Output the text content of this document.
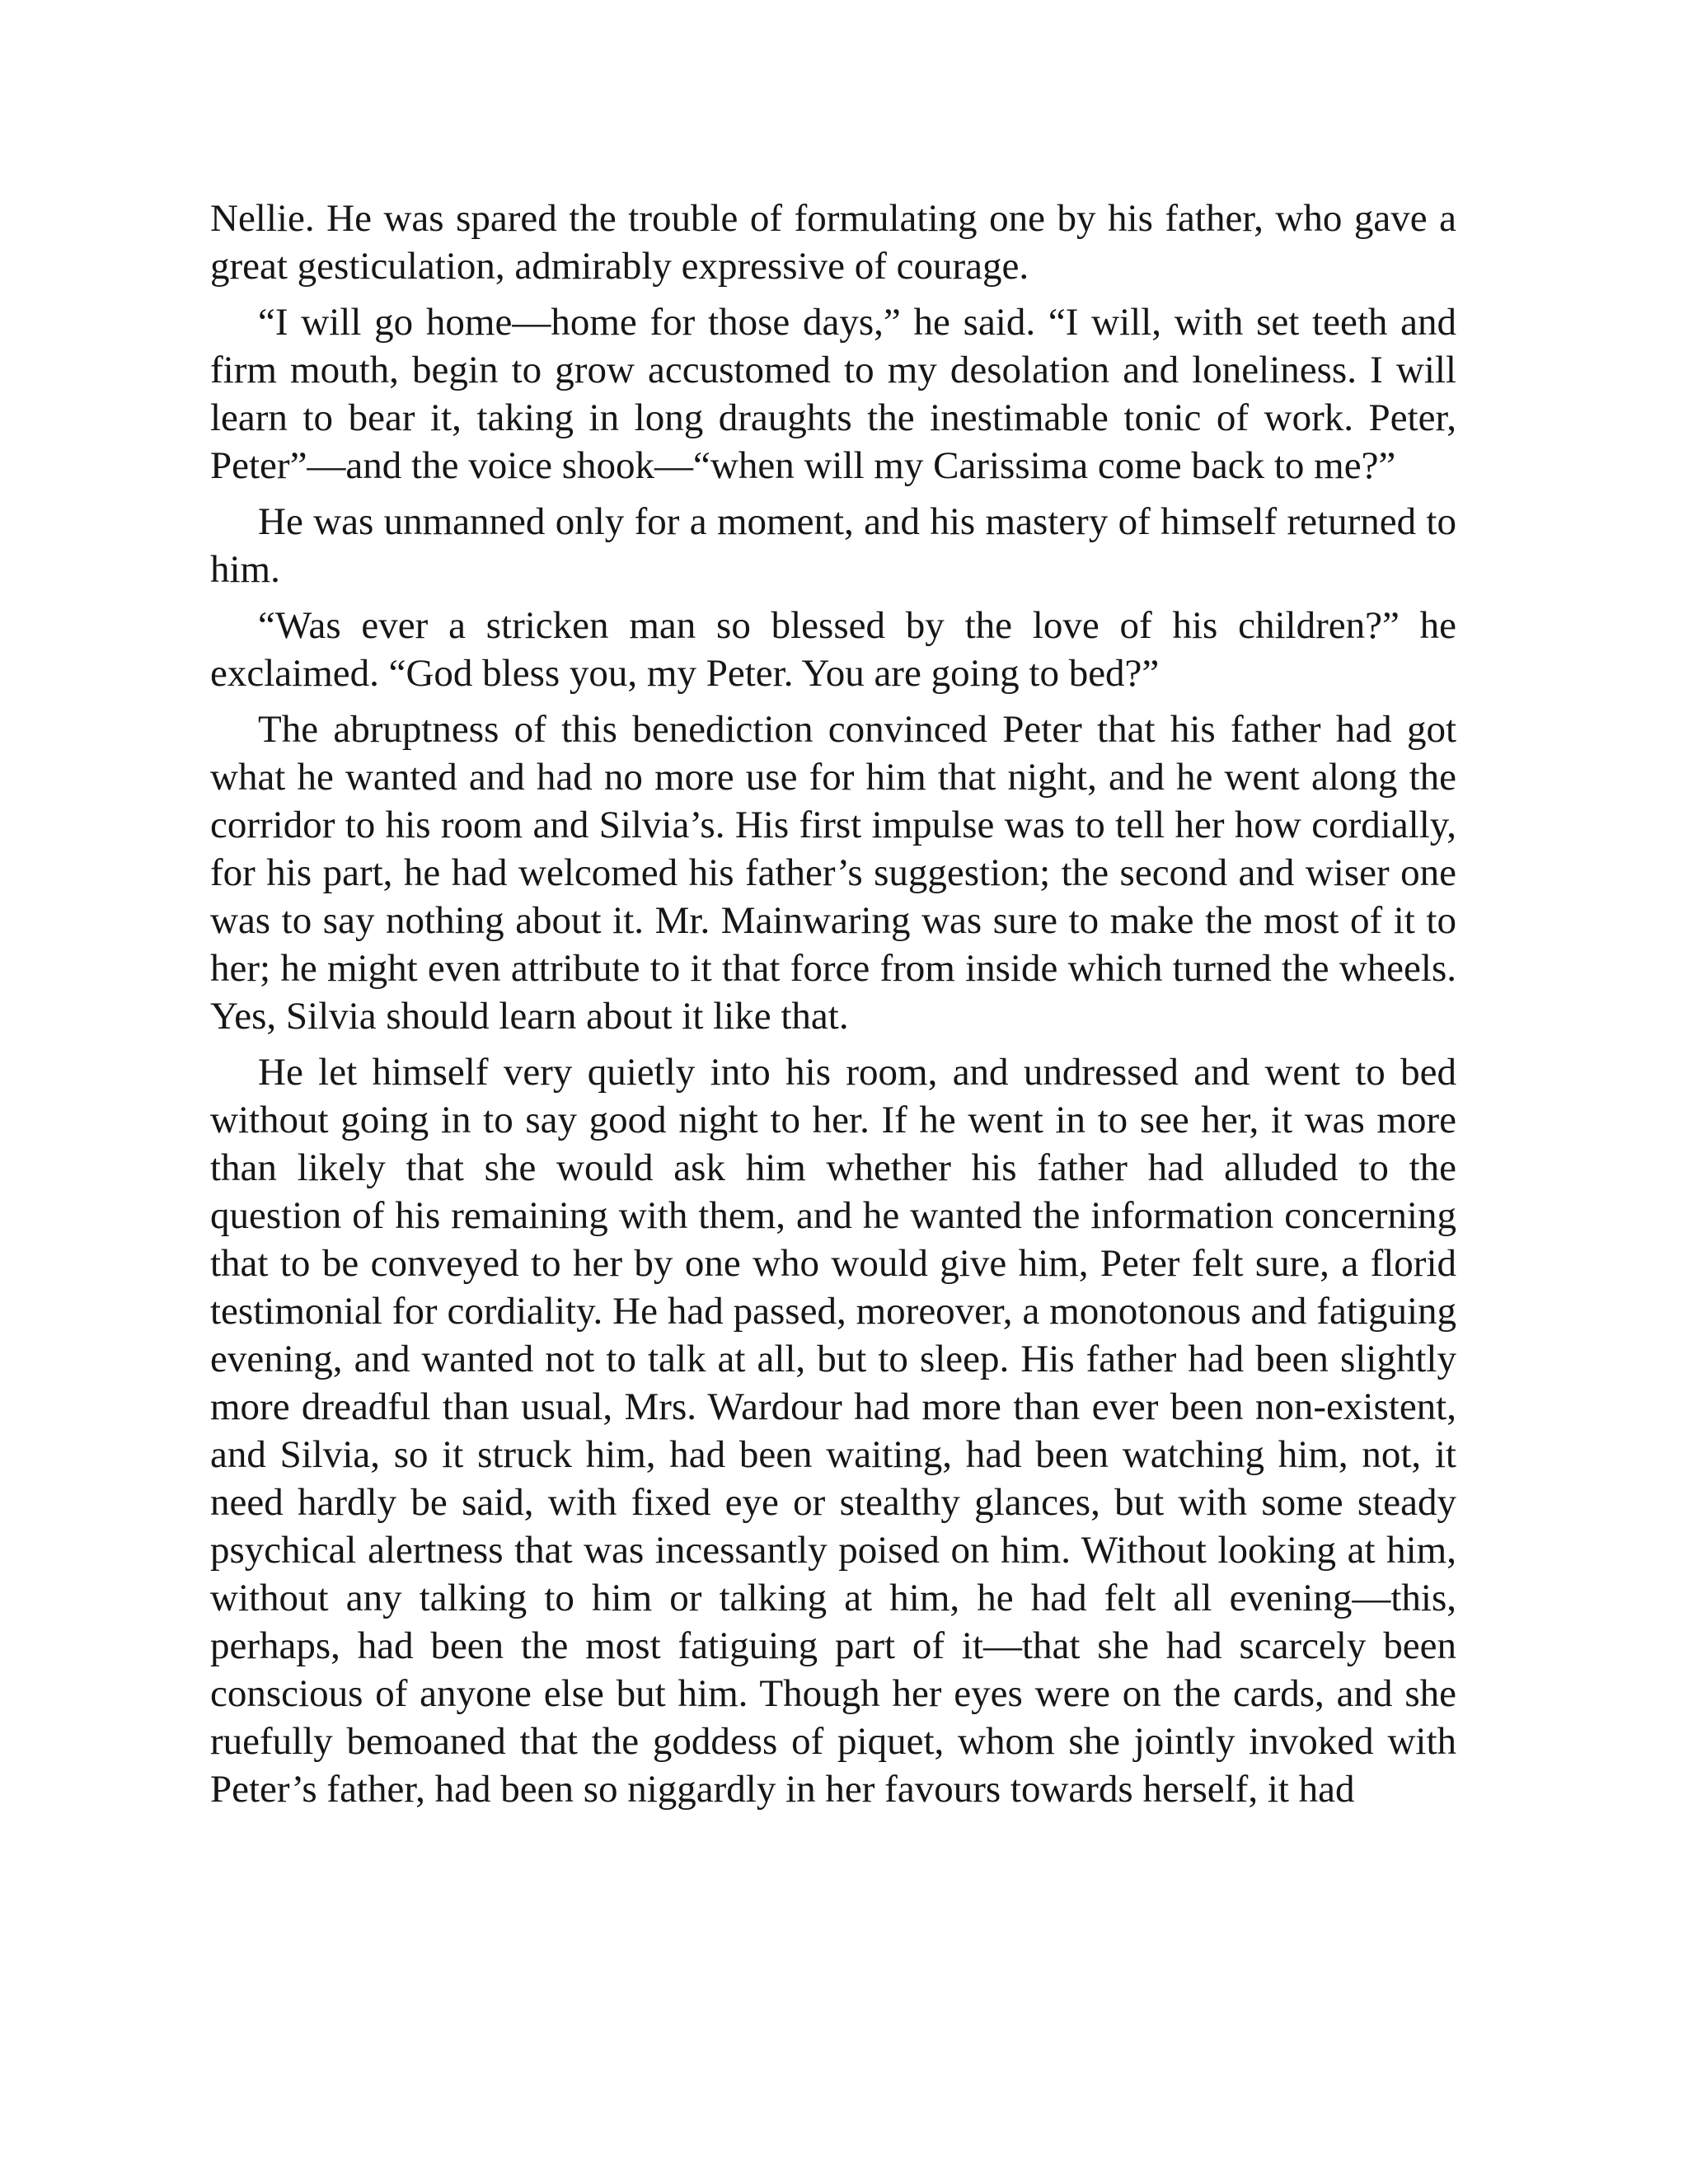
Nellie. He was spared the trouble of formulating one by his father, who gave a great gesticulation, admirably expressive of courage.

“I will go home—home for those days,” he said. “I will, with set teeth and firm mouth, begin to grow accustomed to my desolation and loneliness. I will learn to bear it, taking in long draughts the inestimable tonic of work. Peter, Peter”—and the voice shook—“when will my Carissima come back to me?”

He was unmanned only for a moment, and his mastery of himself returned to him.

“Was ever a stricken man so blessed by the love of his children?” he exclaimed. “God bless you, my Peter. You are going to bed?”

The abruptness of this benediction convinced Peter that his father had got what he wanted and had no more use for him that night, and he went along the corridor to his room and Silvia’s. His first impulse was to tell her how cordially, for his part, he had welcomed his father’s suggestion; the second and wiser one was to say nothing about it. Mr. Mainwaring was sure to make the most of it to her; he might even attribute to it that force from inside which turned the wheels. Yes, Silvia should learn about it like that.

He let himself very quietly into his room, and undressed and went to bed without going in to say good night to her. If he went in to see her, it was more than likely that she would ask him whether his father had alluded to the question of his remaining with them, and he wanted the information concerning that to be conveyed to her by one who would give him, Peter felt sure, a florid testimonial for cordiality. He had passed, moreover, a monotonous and fatiguing evening, and wanted not to talk at all, but to sleep. His father had been slightly more dreadful than usual, Mrs. Wardour had more than ever been non-existent, and Silvia, so it struck him, had been waiting, had been watching him, not, it need hardly be said, with fixed eye or stealthy glances, but with some steady psychical alertness that was incessantly poised on him. Without looking at him, without any talking to him or talking at him, he had felt all evening—this, perhaps, had been the most fatiguing part of it—that she had scarcely been conscious of anyone else but him. Though her eyes were on the cards, and she ruefully bemoaned that the goddess of piquet, whom she jointly invoked with Peter’s father, had been so niggardly in her favours towards herself, it had
